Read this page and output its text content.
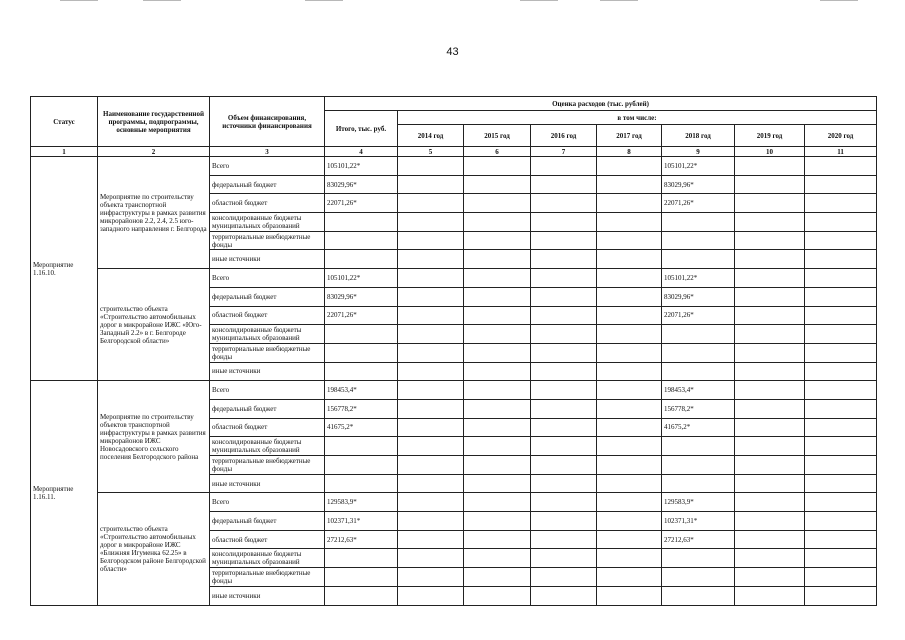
43
Статус	Наименование государственной программы, подпрограммы, основные мероприятия	Объем финансирования, источники финансирования	Оценка расходов (тыс. рублей)							
			Итого, тыс. руб.	в том числе:						
				2014 год	2015 год	2016 год	2017 год	2018 год	2019 год	2020 год
1	2	3	4	5	6	7	8	9	10	11
Мероприятие 1.16.10.	Мероприятие по строительству объекта транспортной инфраструктуры в рамках развития микрорайонов 2.2, 2.4, 2.5 юго-западного направления г. Белгорода	Всего	105101,22*					105101,22*		
		федеральный бюджет	83029,96*					83029,96*		
		областной бюджет	22071,26*					22071,26*		
		консолидированные бюджеты муниципальных образований								
		территориальные внебюджетные фонды								
		иные источники								
	строительство объекта «Строительство автомобильных дорог в микрорайоне ИЖС «Юго-Западный 2.2» в г. Белгороде Белгородской области»	Всего	105101,22*					105101,22*		
		федеральный бюджет	83029,96*					83029,96*		
		областной бюджет	22071,26*					22071,26*		
		консолидированные бюджеты муниципальных образований								
		территориальные внебюджетные фонды								
		иные источники								
Мероприятие 1.16.11.	Мероприятие по строительству объектов транспортной инфраструктуры в рамках развития микрорайонов ИЖС Новосадовского сельского поселения Белгородского района	Всего	198453,4*					198453,4*		
		федеральный бюджет	156778,2*					156778,2*		
		областной бюджет	41675,2*					41675,2*		
		консолидированные бюджеты муниципальных образований								
		территориальные внебюджетные фонды								
		иные источники								
	строительство объекта «Строительство автомобильных дорог в микрорайоне ИЖС «Ближняя Игуменка 62.25» в Белгородском районе Белгородской области»	Всего	129583,9*					129583,9*		
		федеральный бюджет	102371,31*					102371,31*		
		областной бюджет	27212,63*					27212,63*		
		консолидированные бюджеты муниципальных образований								
		территориальные внебюджетные фонды								
		иные источники								
